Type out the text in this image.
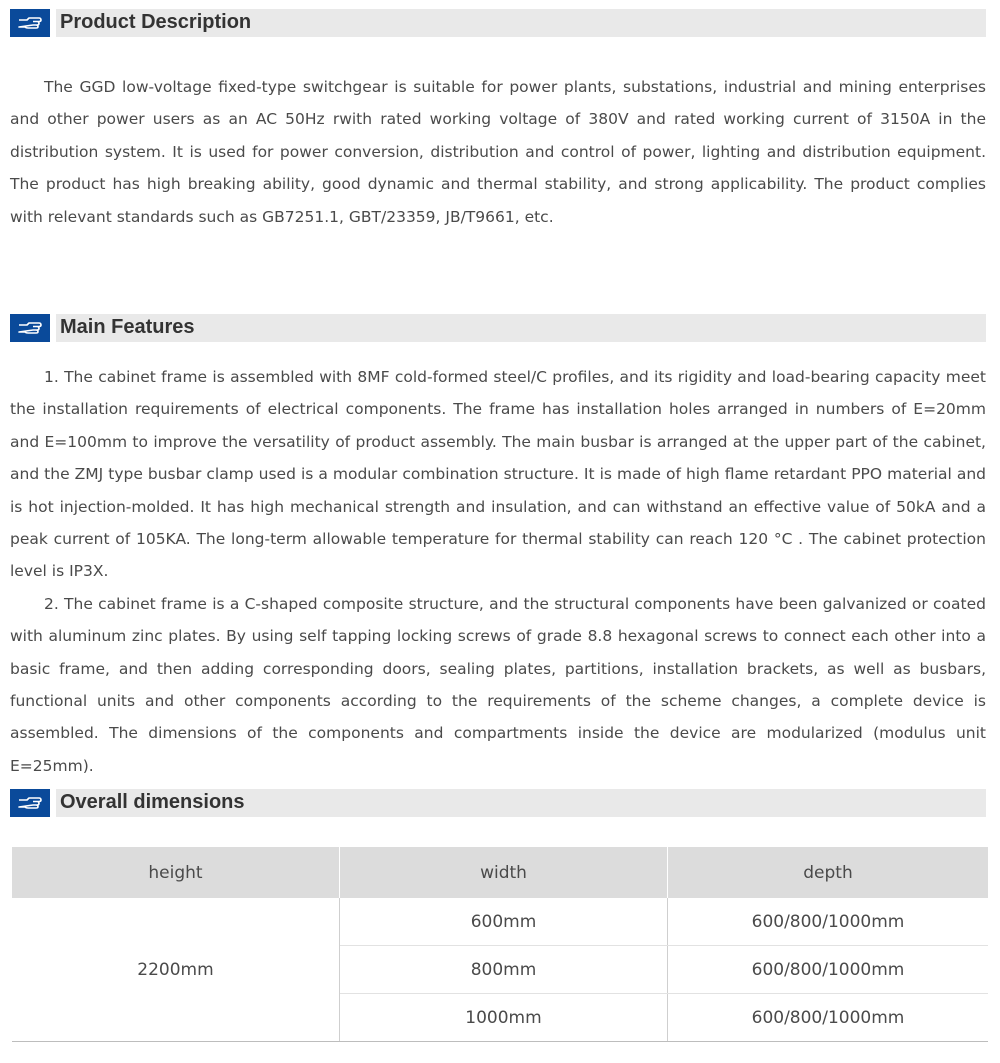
Product Description

The GGD low-voltage fixed-type switchgear is suitable for power plants, substations, industrial and mining enterprises and other power users as an AC 50Hz rwith rated working voltage of 380V and rated working current of 3150A in the distribution system. It is used for power conversion, distribution and control of power, lighting and distribution equipment. The product has high breaking ability, good dynamic and thermal stability, and strong applicability. The product complies with relevant standards such as GB7251.1, GBT/23359, JB/T9661, etc.

Main Features

1. The cabinet frame is assembled with 8MF cold-formed steel/C profiles, and its rigidity and load-bearing capacity meet the installation requirements of electrical components. The frame has installation holes arranged in numbers of E=20mm and E=100mm to improve the versatility of product assembly. The main busbar is arranged at the upper part of the cabinet, and the ZMJ type busbar clamp used is a modular combination structure. It is made of high flame retardant PPO material and is hot injection-molded. It has high mechanical strength and insulation, and can withstand an effective value of 50kA and a peak current of 105KA. The long-term allowable temperature for thermal stability can reach 120 °C . The cabinet protection level is IP3X.

2. The cabinet frame is a C-shaped composite structure, and the structural components have been galvanized or coated with aluminum zinc plates. By using self tapping locking screws of grade 8.8 hexagonal screws to connect each other into a basic frame, and then adding corresponding doors, sealing plates, partitions, installation brackets, as well as busbars, functional units and other components according to the requirements of the scheme changes, a complete device is assembled. The dimensions of the components and compartments inside the device are modularized (modulus unit E=25mm).

Overall dimensions
height	width	depth
2200mm	600mm	600/800/1000mm
	800mm	600/800/1000mm
	1000mm	600/800/1000mm
